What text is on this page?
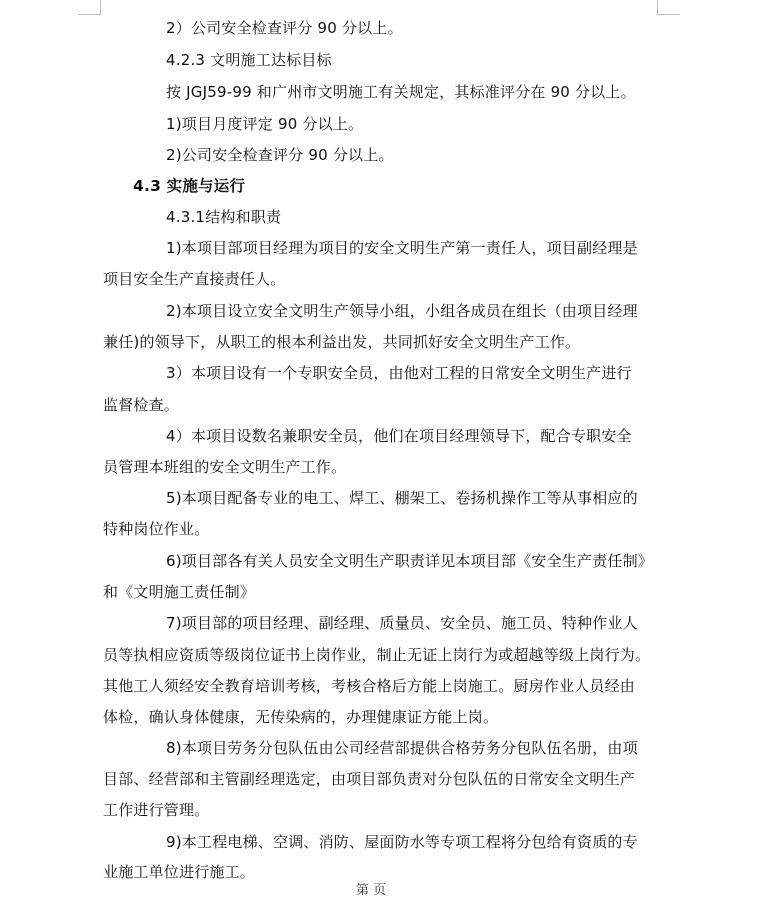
2）公司安全检查评分 90 分以上。
4.2.3 文明施工达标目标
按 JGJ59-99 和广州市文明施工有关规定，其标准评分在 90 分以上。
1)项目月度评定 90 分以上。
2)公司安全检查评分 90 分以上。
4.3 实施与运行
4.3.1结构和职责
1)本项目部项目经理为项目的安全文明生产第一责任人，项目副经理是
项目安全生产直接责任人。
2)本项目设立安全文明生产领导小组，小组各成员在组长（由项目经理
兼任)的领导下，从职工的根本利益出发，共同抓好安全文明生产工作。
3）本项目设有一个专职安全员，由他对工程的日常安全文明生产进行
监督检查。
4）本项目设数名兼职安全员，他们在项目经理领导下，配合专职安全
员管理本班组的安全文明生产工作。
5)本项目配备专业的电工、焊工、棚架工、卷扬机操作工等从事相应的
特种岗位作业。
6)项目部各有关人员安全文明生产职责详见本项目部《安全生产责任制》
和《文明施工责任制》
7)项目部的项目经理、副经理、质量员、安全员、施工员、特种作业人
员等执相应资质等级岗位证书上岗作业，制止无证上岗行为或超越等级上岗行为。
其他工人须经安全教育培训考核，考核合格后方能上岗施工。厨房作业人员经由
体检，确认身体健康，无传染病的，办理健康证方能上岗。
8)本项目劳务分包队伍由公司经营部提供合格劳务分包队伍名册，由项
目部、经营部和主管副经理选定，由项目部负责对分包队伍的日常安全文明生产
工作进行管理。
9)本工程电梯、空调、消防、屋面防水等专项工程将分包给有资质的专
业施工单位进行施工。
第 页
